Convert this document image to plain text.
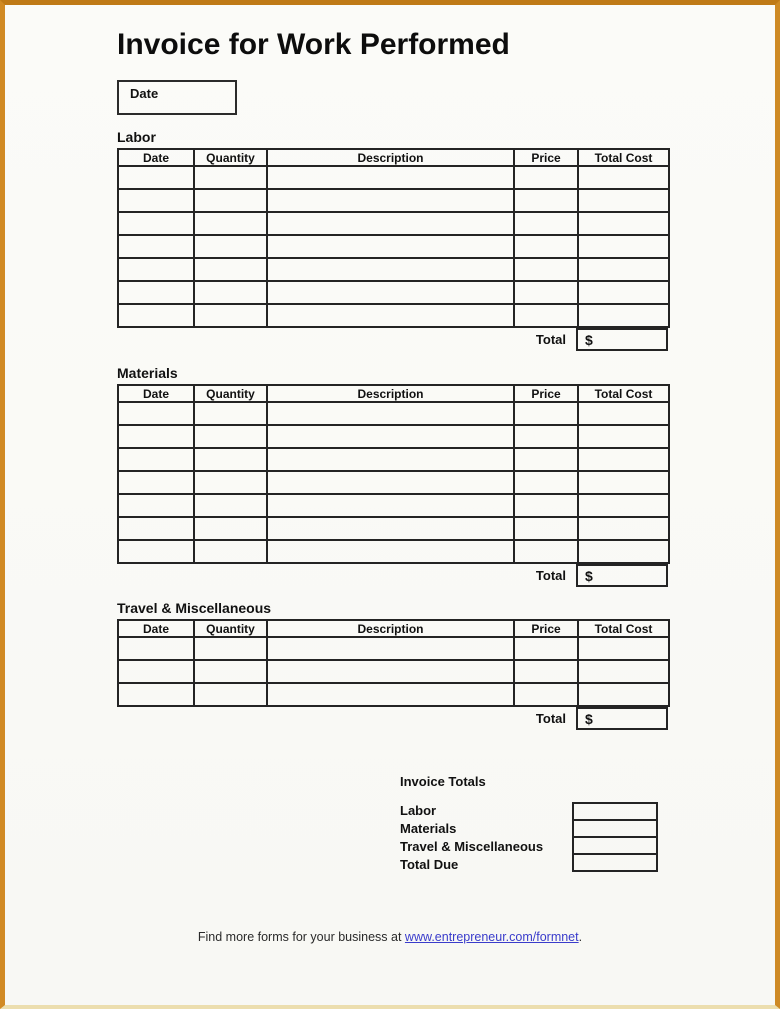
Invoice for Work Performed
Date
Labor
Date	Quantity	Description	Price	Total Cost

Total $
Materials
Date	Quantity	Description	Price	Total Cost

Total $
Travel & Miscellaneous
Date	Quantity	Description	Price	Total Cost

Total $
Invoice Totals
Labor
Materials
Travel & Miscellaneous
Total Due
Find more forms for your business at www.entrepreneur.com/formnet.
